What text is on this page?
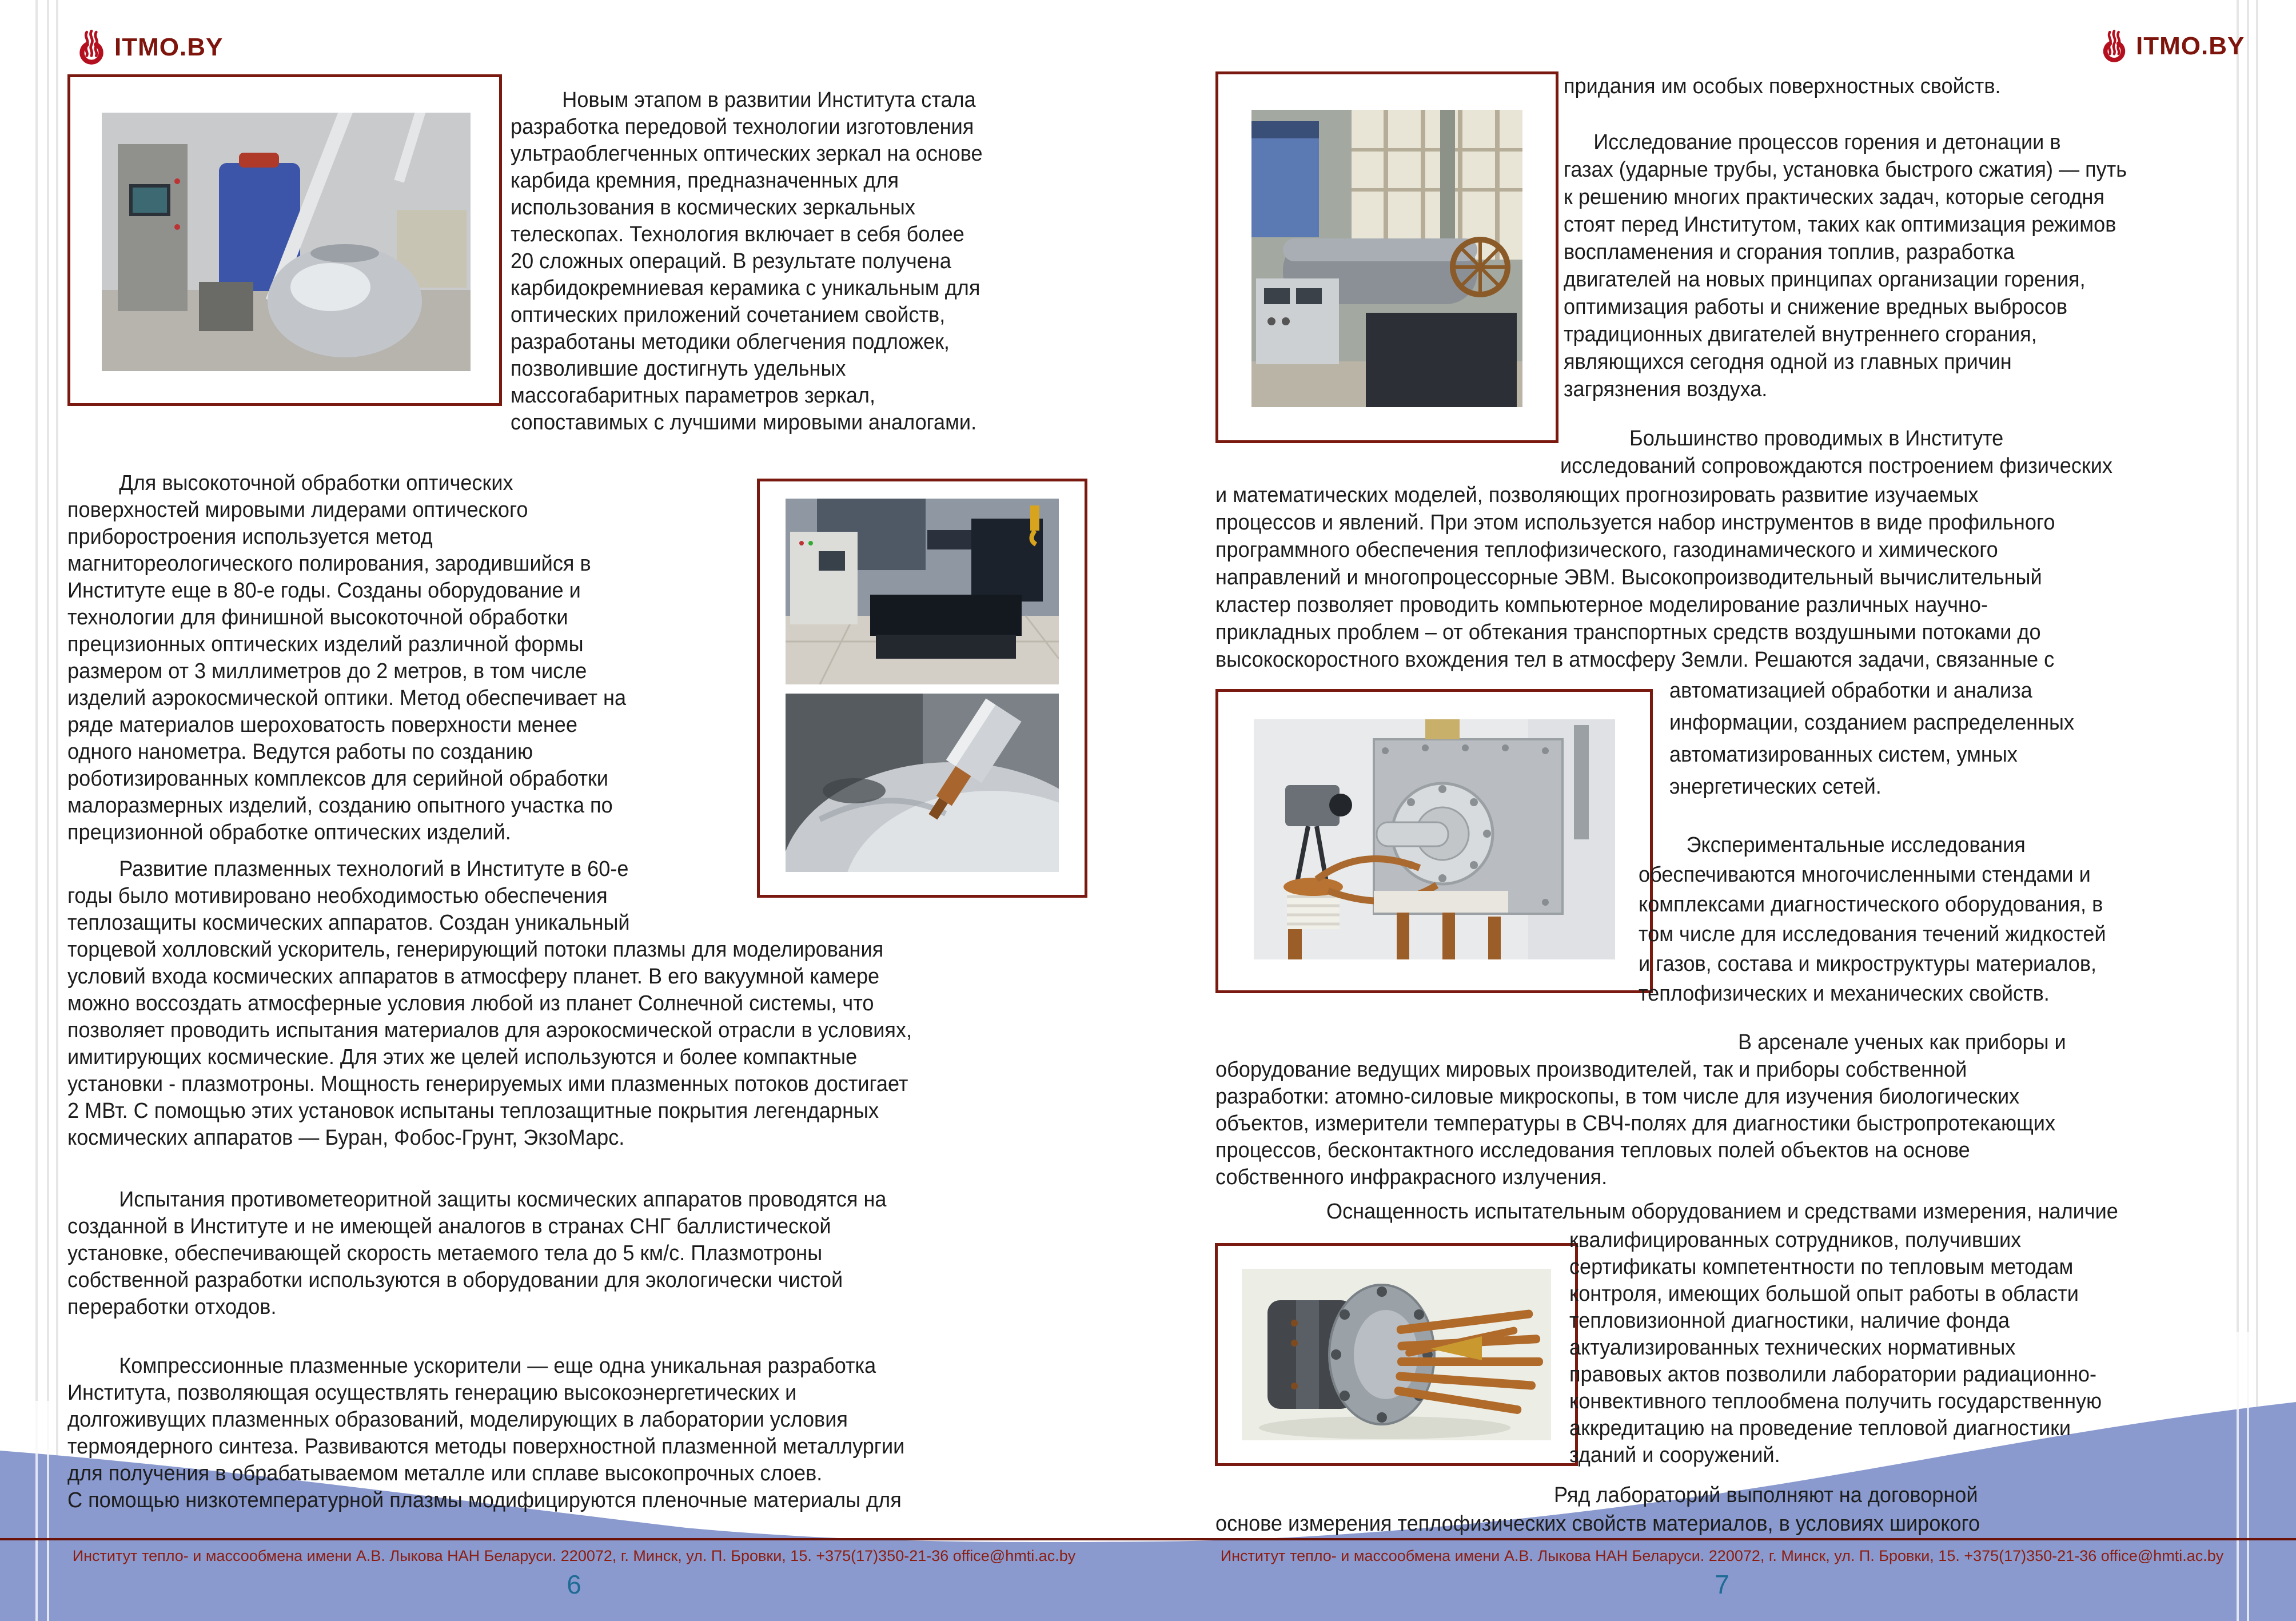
ITMO.BY
Новым этапом в развитии Института стала
разработка передовой технологии изготовления
ультраоблегченных оптических зеркал на основе
карбида кремния, предназначенных для
использования в космических зеркальных
телескопах. Технология включает в себя более
20 сложных операций. В результате получена
карбидокремниевая керамика с уникальным для
оптических приложений сочетанием свойств,
разработаны методики облегчения подложек,
позволившие достигнуть удельных
массогабаритных параметров зеркал,
сопоставимых с лучшими мировыми аналогами.
Для высокоточной обработки оптических
поверхностей мировыми лидерами оптического
приборостроения используется метод
магнитореологического полирования, зародившийся в
Институте еще в 80-е годы. Созданы оборудование и
технологии для финишной высокоточной обработки
прецизионных оптических изделий различной формы
размером от 3 миллиметров до 2 метров, в том числе
изделий аэрокосмической оптики. Метод обеспечивает на
ряде материалов шероховатость поверхности менее
одного нанометра. Ведутся работы по созданию
роботизированных комплексов для серийной обработки
малоразмерных изделий, созданию опытного участка по
прецизионной обработке оптических изделий.
Развитие плазменных технологий в Институте в 60-е
годы было мотивировано необходимостью обеспечения
теплозащиты космических аппаратов. Создан уникальный
торцевой холловский ускоритель, генерирующий потоки плазмы для моделирования
условий входа космических аппаратов в атмосферу планет. В его вакуумной камере
можно воссоздать атмосферные условия любой из планет Солнечной системы, что
позволяет проводить испытания материалов для аэрокосмической отрасли в условиях,
имитирующих космические. Для этих же целей используются и более компактные
установки - плазмотроны. Мощность генерируемых ими плазменных потоков достигает
2 МВт. С помощью этих установок испытаны теплозащитные покрытия легендарных
космических аппаратов — Буран, Фобос-Грунт, ЭкзоМарс.
Испытания противометеоритной защиты космических аппаратов проводятся на
созданной в Институте и не имеющей аналогов в странах СНГ баллистической
установке, обеспечивающей скорость метаемого тела до 5 км/с. Плазмотроны
собственной разработки используются в оборудовании для экологически чистой
переработки отходов.
Компрессионные плазменные ускорители — еще одна уникальная разработка
Института, позволяющая осуществлять генерацию высокоэнергетических и
долгоживущих плазменных образований, моделирующих в лаборатории условия
термоядерного синтеза. Развиваются методы поверхностной плазменной металлургии
для получения в обрабатываемом металле или сплаве высокопрочных слоев.
С помощью низкотемпературной плазмы модифицируются пленочные материалы для
ITMO.BY
придания им особых поверхностных свойств.
Исследование процессов горения и детонации в
газах (ударные трубы, установка быстрого сжатия) — путь
к решению многих практических задач, которые сегодня
стоят перед Институтом, таких как оптимизация режимов
воспламенения и сгорания топлив, разработка
двигателей на новых принципах организации горения,
оптимизация работы и снижение вредных выбросов
традиционных двигателей внутреннего сгорания,
являющихся сегодня одной из главных причин
загрязнения воздуха.
Большинство проводимых в Институте
исследований сопровождаются построением физических
и математических моделей, позволяющих прогнозировать развитие изучаемых
процессов и явлений. При этом используется набор инструментов в виде профильного
программного обеспечения теплофизического, газодинамического и химического
направлений и многопроцессорные ЭВМ. Высокопроизводительный вычислительный
кластер позволяет проводить компьютерное моделирование различных научно-
прикладных проблем – от обтекания транспортных средств воздушными потоками до
высокоскоростного вхождения тел в атмосферу Земли. Решаются задачи, связанные с
автоматизацией обработки и анализа
информации, созданием распределенных
автоматизированных систем, умных
энергетических сетей.
Экспериментальные исследования
обеспечиваются многочисленными стендами и
комплексами диагностического оборудования, в
том числе для исследования течений жидкостей
и газов, состава и микроструктуры материалов,
теплофизических и механических свойств.
В арсенале ученых как приборы и
оборудование ведущих мировых производителей, так и приборы собственной
разработки: атомно-силовые микроскопы, в том числе для изучения биологических
объектов, измерители температуры в СВЧ-полях для диагностики быстропротекающих
процессов, бесконтактного исследования тепловых полей объектов на основе
собственного инфракрасного излучения.
Оснащенность испытательным оборудованием и средствами измерения, наличие
квалифицированных сотрудников, получивших
сертификаты компетентности по тепловым методам
контроля, имеющих большой опыт работы в области
тепловизионной диагностики, наличие фонда
актуализированных технических нормативных
правовых актов позволили лаборатории радиационно-
конвективного теплообмена получить государственную
аккредитацию на проведение тепловой диагностики
зданий и сооружений.
Ряд лабораторий выполняют на договорной
основе измерения теплофизических свойств материалов, в условиях широкого
Институт тепло- и массообмена имени А.В. Лыкова НАН Беларуси. 220072, г. Минск, ул. П. Бровки, 15. +375(17)350-21-36 office@hmti.ac.by	Институт тепло- и массообмена имени А.В. Лыкова НАН Беларуси. 220072, г. Минск, ул. П. Бровки, 15. +375(17)350-21-36 office@hmti.ac.by
6	7
